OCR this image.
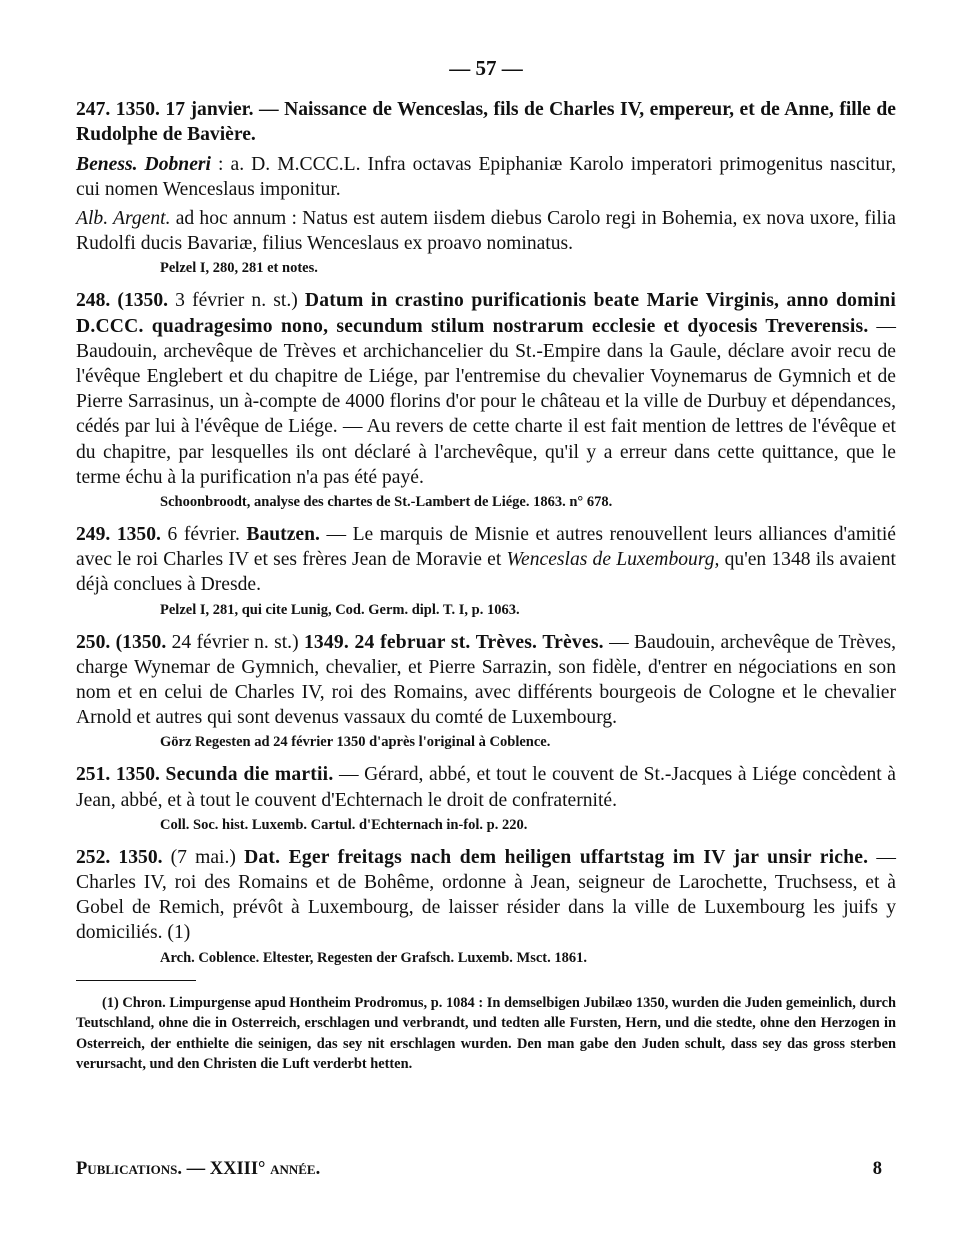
— 57 —

247. 1350. 17 janvier. — Naissance de Wenceslas, fils de Charles IV, empereur, et de Anne, fille de Rudolphe de Bavière.

Beness. Dobneri : a. D. M.CCC.L. Infra octavas Epiphaniæ Karolo imperatori primogenitus nascitur, cui nomen Wenceslaus imponitur.

Alb. Argent. ad hoc annum : Natus est autem iisdem diebus Carolo regi in Bohemia, ex nova uxore, filia Rudolfi ducis Bavariæ, filius Wenceslaus ex proavo nominatus.

Pelzel I, 280, 281 et notes.

248. (1350. 3 février n. st.) Datum in crastino purificationis beate Marie Virginis, anno domini D.CCC. quadragesimo nono, secundum stilum nostrarum ecclesie et dyocesis Treverensis. — Baudouin, archevêque de Trèves et archichancelier du St.-Empire dans la Gaule, déclare avoir recu de l'évêque Englebert et du chapitre de Liége, par l'entremise du chevalier Voynemarus de Gymnich et de Pierre Sarrasinus, un à-compte de 4000 florins d'or pour le château et la ville de Durbuy et dépendances, cédés par lui à l'évêque de Liége. — Au revers de cette charte il est fait mention de lettres de l'évêque et du chapitre, par lesquelles ils ont déclaré à l'archevêque, qu'il y a erreur dans cette quittance, que le terme échu à la purification n'a pas été payé.

Schoonbroodt, analyse des chartes de St.-Lambert de Liége. 1863. n° 678.

249. 1350. 6 février. Bautzen. — Le marquis de Misnie et autres renouvellent leurs alliances d'amitié avec le roi Charles IV et ses frères Jean de Moravie et Wenceslas de Luxembourg, qu'en 1348 ils avaient déjà conclues à Dresde.

Pelzel I, 281, qui cite Lunig, Cod. Germ. dipl. T. I, p. 1063.

250. (1350. 24 février n. st.) 1349. 24 februar st. Trèves. Trèves. — Baudouin, archevêque de Trèves, charge Wynemar de Gymnich, chevalier, et Pierre Sarrazin, son fidèle, d'entrer en négociations en son nom et en celui de Charles IV, roi des Romains, avec différents bourgeois de Cologne et le chevalier Arnold et autres qui sont devenus vassaux du comté de Luxembourg.

Görz Regesten ad 24 février 1350 d'après l'original à Coblence.

251. 1350. Secunda die martii. — Gérard, abbé, et tout le couvent de St.-Jacques à Liége concèdent à Jean, abbé, et à tout le couvent d'Echternach le droit de confraternité.

Coll. Soc. hist. Luxemb. Cartul. d'Echternach in-fol. p. 220.

252. 1350. (7 mai.) Dat. Eger freitags nach dem heiligen uffartstag im IV jar unsir riche. — Charles IV, roi des Romains et de Bohême, ordonne à Jean, seigneur de Larochette, Truchsess, et à Gobel de Remich, prévôt à Luxembourg, de laisser résider dans la ville de Luxembourg les juifs y domiciliés. (1)

Arch. Coblence. Eltester, Regesten der Grafsch. Luxemb. Msct. 1861.
(1) Chron. Limpurgense apud Hontheim Prodromus, p. 1084 : In demselbigen Jubilæo 1350, wurden die Juden gemeinlich, durch Teutschland, ohne die in Osterreich, erschlagen und verbrandt, und tedten alle Fursten, Hern, und die stedte, ohne den Herzogen in Osterreich, der enthielte die seinigen, das sey nit erschlagen wurden. Den man gabe den Juden schult, dass sey das gross sterben verursacht, und den Christen die Luft verderbt hetten.
Publications. — XXIII° année.	8
